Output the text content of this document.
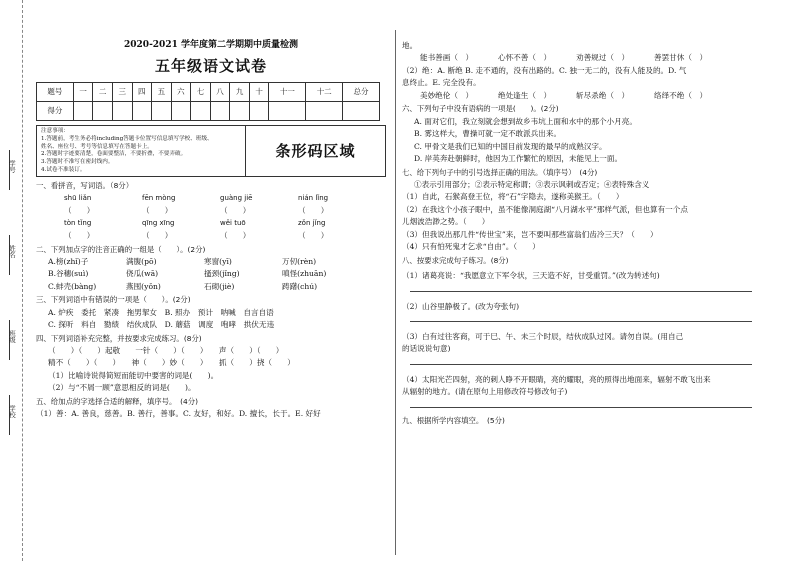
学号
姓名
班级
学校
2020-2021 学年度第二学期期中质量检测
五年级语文试卷
题号	一	二	三	四	五	六	七	八	九	十	十一	十二	总分
得分													
注意事项：
1.答题前，考生务必将including答题卡位置写信息填写学校、班级、
姓名、座位号、考号等信息填写在答题卡上。
2.答题时字迹要清楚，卷面要整洁，不要折叠，不要弄破。
3.答题时不准写在密封线内。
4.试卷不准装订。
条形码区域
一、看拼音，写词语。（8分）
shū liǎn	fēn mòng	guàng jiē	nián lǐng
（　　）	（　　）	（　　）	（　　）
tòn tǐng	qīng xīng	wěi tuō	zǒn jǐng
（　　）	（　　）	（　　）	（　　）
二、下列加点字的注音正确的一组是（　　）。(2分)
A.榜(zhǐ)子	满腹(pō)	寒窗(yī)	万仞(rèn)
B.谷穗(suì)	侥瓜(wā)	搔颈(jǐng)	嗔怪(zhuān)
C.蚌壳(bàng)	燕囤(yǒn)	石砌(jiè)	踌躇(chú)
三、下列词语中有错误的一项是（　　）。(2分)
A. 炉疾　委托　紧凑　拖男挈女　B. 照办　预计　呐喊　自言自语
C. 探听　料自　勠绩　结伙成队　D. 蘑菇　调度　咆哮　拱伏无违
四、下列词语补充完整，并按要求完成练习。(8分)
（　　）（　　）起敬　　一针（　　）（　　）　　声（　　）（　　）
精不（　　）（　　）　　神（　　）妙（　　）　　抓（　　）挠（　　）
（1）比喻诗说得简短而能切中要害的词是(　　)。
（2）与“不屑一顾”意思相反的词是(　　)。
五、给加点的字选择合适的解释，填序号。　(4分)
（1）善：A. 善良，慈善。B. 善行，善事。C. 友好，和好。D. 擅长，长于。E. 好好
地。
能书善画（　）	心怀不善（　）	劝善规过（　）	善罢甘休（　）
（2）绝：A. 断绝 B. 走不通的，没有出路的。C. 独一无二的，没有人能及的。D. 气
息终止。E. 完全没有。
美妙绝伦（　）	绝处逢生（　）	斩尽杀绝（　）	络绎不绝（　）
六、下列句子中没有语病的一项是(　　)。(2分)
A. 面对它们，我立刻就会想到故乡韦坑上面和水中的那个小月亮。
B. 雾这样大，曹操可就一定不敢派兵出来。
C. 甲骨文是我们已知的中国目前发现的最早的成熟汉字。
D. 岸英奔赴朝鲜时，他因为工作繁忙的原因，未能见上一面。
七、给下列句子中的引号选择正确的用法。（填序号）　(4分)
①表示引用部分；②表示特定称谓；③表示讽刺或否定；④表特殊含义
（1）自此，石猴高登王位，将“石”字隐去，遂称美猴王。（　　）
（2）在我这个小孩子眼中，虽不能像洞庭湖“八月湖水平”那样气派，但也算有一个点
儿烟波浩渺之势。（　　）
（3）但我说出那几件“传世宝”来，岂不要叫那些富翁们齿冷三天？（　　）
（4）只有怕死鬼才乞求“自由”。（　　）
八、按要求完成句子练习。(8分)
（1）诸葛亮说：“我愿意立下军令状，三天造不好，甘受重罚。”(改为转述句)
（2）山谷里静极了。(改为夸张句)
（3）白有过往客商，可于巳、午、未三个时辰，结伙成队过冈。请勿自误。(用自己
的话说说句意)
（4）太阳光芒四射，亮的刺人睁不开眼睛，亮的耀眼，亮的照得出地面来，辐射不敢飞出来
从辐射的地方。(请在原句上用修改符号修改句子)
九、根据所学内容填空。　(5分)
